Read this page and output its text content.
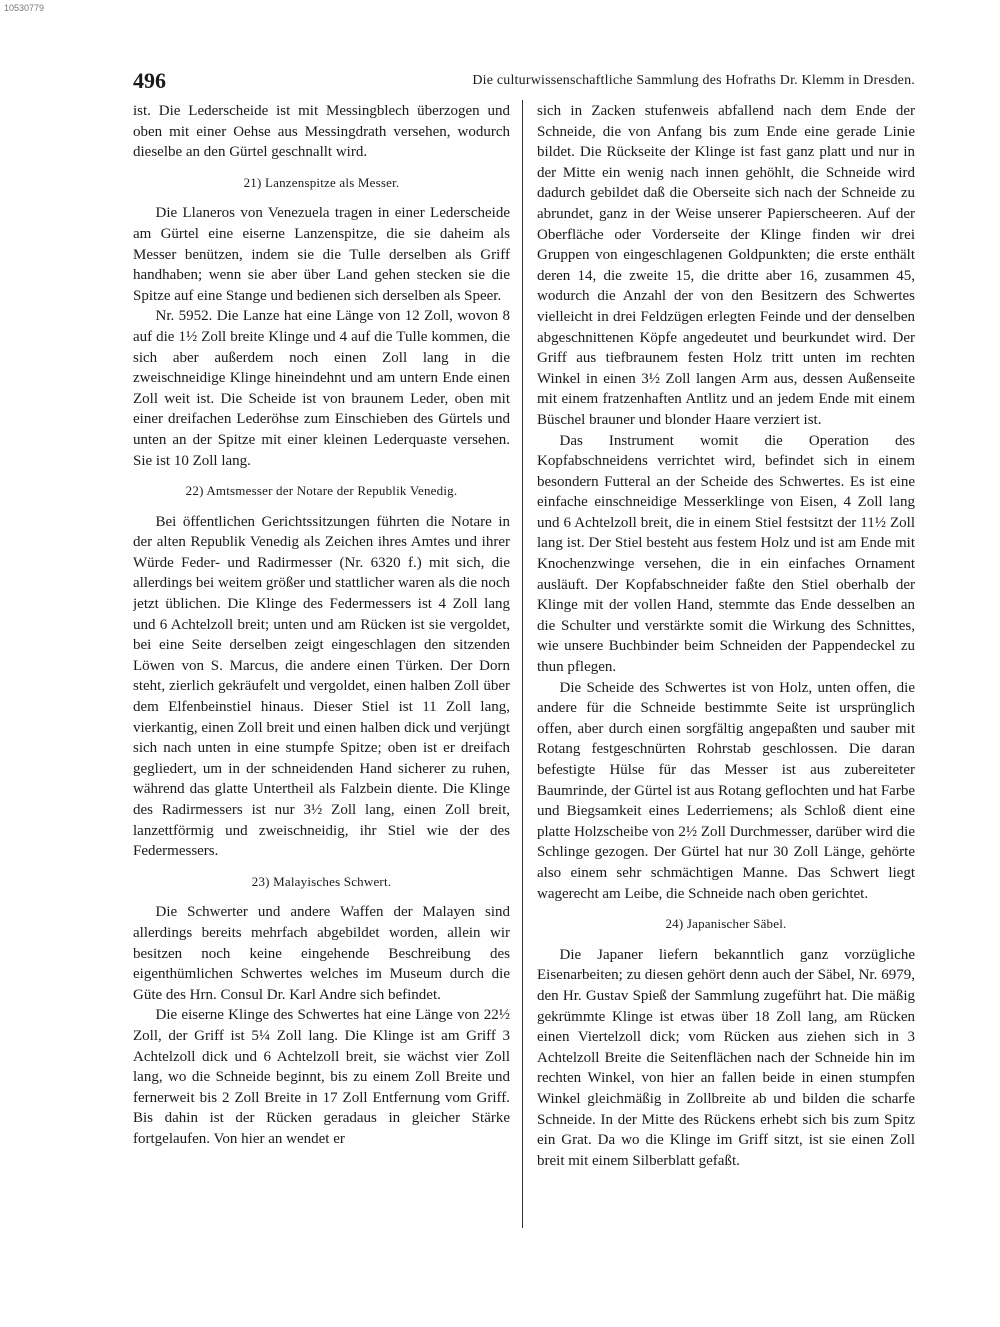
10530779
496	Die culturwissenschaftliche Sammlung des Hofraths Dr. Klemm in Dresden.

ist. Die Lederscheide ist mit Messingblech überzogen und oben mit einer Oehse aus Messingdrath versehen, wodurch dieselbe an den Gürtel geschnallt wird.

21) Lanzenspitze als Messer.

Die Llaneros von Venezuela tragen in einer Lederscheide am Gürtel eine eiserne Lanzenspitze, die sie daheim als Messer benützen, indem sie die Tulle derselben als Griff handhaben; wenn sie aber über Land gehen stecken sie die Spitze auf eine Stange und bedienen sich derselben als Speer.

Nr. 5952. Die Lanze hat eine Länge von 12 Zoll, wovon 8 auf die 1½ Zoll breite Klinge und 4 auf die Tulle kommen, die sich aber außerdem noch einen Zoll lang in die zweischneidige Klinge hineindehnt und am untern Ende einen Zoll weit ist. Die Scheide ist von braunem Leder, oben mit einer dreifachen Lederöhse zum Einschieben des Gürtels und unten an der Spitze mit einer kleinen Lederquaste versehen. Sie ist 10 Zoll lang.

22) Amtsmesser der Notare der Republik Venedig.

Bei öffentlichen Gerichtssitzungen führten die Notare in der alten Republik Venedig als Zeichen ihres Amtes und ihrer Würde Feder- und Radirmesser (Nr. 6320 f.) mit sich, die allerdings bei weitem größer und stattlicher waren als die noch jetzt üblichen. Die Klinge des Federmessers ist 4 Zoll lang und 6 Achtelzoll breit; unten und am Rücken ist sie vergoldet, bei eine Seite derselben zeigt eingeschlagen den sitzenden Löwen von S. Marcus, die andere einen Türken. Der Dorn steht, zierlich gekräufelt und vergoldet, einen halben Zoll über dem Elfenbeinstiel hinaus. Dieser Stiel ist 11 Zoll lang, vierkantig, einen Zoll breit und einen halben dick und verjüngt sich nach unten in eine stumpfe Spitze; oben ist er dreifach gegliedert, um in der schneidenden Hand sicherer zu ruhen, während das glatte Untertheil als Falzbein diente. Die Klinge des Radirmessers ist nur 3½ Zoll lang, einen Zoll breit, lanzettförmig und zweischneidig, ihr Stiel wie der des Federmessers.

23) Malayisches Schwert.

Die Schwerter und andere Waffen der Malayen sind allerdings bereits mehrfach abgebildet worden, allein wir besitzen noch keine eingehende Beschreibung des eigenthümlichen Schwertes welches im Museum durch die Güte des Hrn. Consul Dr. Karl Andre sich befindet.

Die eiserne Klinge des Schwertes hat eine Länge von 22½ Zoll, der Griff ist 5¼ Zoll lang. Die Klinge ist am Griff 3 Achtelzoll dick und 6 Achtelzoll breit, sie wächst vier Zoll lang, wo die Schneide beginnt, bis zu einem Zoll Breite und fernerweit bis 2 Zoll Breite in 17 Zoll Entfernung vom Griff. Bis dahin ist der Rücken geradaus in gleicher Stärke fortgelaufen. Von hier an wendet er

sich in Zacken stufenweis abfallend nach dem Ende der Schneide, die von Anfang bis zum Ende eine gerade Linie bildet. Die Rückseite der Klinge ist fast ganz platt und nur in der Mitte ein wenig nach innen gehöhlt, die Schneide wird dadurch gebildet daß die Oberseite sich nach der Schneide zu abrundet, ganz in der Weise unserer Papierscheeren. Auf der Oberfläche oder Vorderseite der Klinge finden wir drei Gruppen von eingeschlagenen Goldpunkten; die erste enthält deren 14, die zweite 15, die dritte aber 16, zusammen 45, wodurch die Anzahl der von den Besitzern des Schwertes vielleicht in drei Feldzügen erlegten Feinde und der denselben abgeschnittenen Köpfe angedeutet und beurkundet wird. Der Griff aus tiefbraunem festen Holz tritt unten im rechten Winkel in einen 3½ Zoll langen Arm aus, dessen Außenseite mit einem fratzenhaften Antlitz und an jedem Ende mit einem Büschel brauner und blonder Haare verziert ist.

Das Instrument womit die Operation des Kopfabschneidens verrichtet wird, befindet sich in einem besondern Futteral an der Scheide des Schwertes. Es ist eine einfache einschneidige Messerklinge von Eisen, 4 Zoll lang und 6 Achtelzoll breit, die in einem Stiel festsitzt der 11½ Zoll lang ist. Der Stiel besteht aus festem Holz und ist am Ende mit Knochenzwinge versehen, die in ein einfaches Ornament ausläuft. Der Kopfabschneider faßte den Stiel oberhalb der Klinge mit der vollen Hand, stemmte das Ende desselben an die Schulter und verstärkte somit die Wirkung des Schnittes, wie unsere Buchbinder beim Schneiden der Pappendeckel zu thun pflegen.

Die Scheide des Schwertes ist von Holz, unten offen, die andere für die Schneide bestimmte Seite ist ursprünglich offen, aber durch einen sorgfältig angepaßten und sauber mit Rotang festgeschnürten Rohrstab geschlossen. Die daran befestigte Hülse für das Messer ist aus zubereiteter Baumrinde, der Gürtel ist aus Rotang geflochten und hat Farbe und Biegsamkeit eines Lederriemens; als Schloß dient eine platte Holzscheibe von 2½ Zoll Durchmesser, darüber wird die Schlinge gezogen. Der Gürtel hat nur 30 Zoll Länge, gehörte also einem sehr schmächtigen Manne. Das Schwert liegt wagerecht am Leibe, die Schneide nach oben gerichtet.

24) Japanischer Säbel.

Die Japaner liefern bekanntlich ganz vorzügliche Eisenarbeiten; zu diesen gehört denn auch der Säbel, Nr. 6979, den Hr. Gustav Spieß der Sammlung zugeführt hat. Die mäßig gekrümmte Klinge ist etwas über 18 Zoll lang, am Rücken einen Viertelzoll dick; vom Rücken aus ziehen sich in 3 Achtelzoll Breite die Seitenflächen nach der Schneide hin im rechten Winkel, von hier an fallen beide in einen stumpfen Winkel gleichmäßig in Zollbreite ab und bilden die scharfe Schneide. In der Mitte des Rückens erhebt sich bis zum Spitz ein Grat. Da wo die Klinge im Griff sitzt, ist sie einen Zoll breit mit einem Silberblatt gefaßt.
